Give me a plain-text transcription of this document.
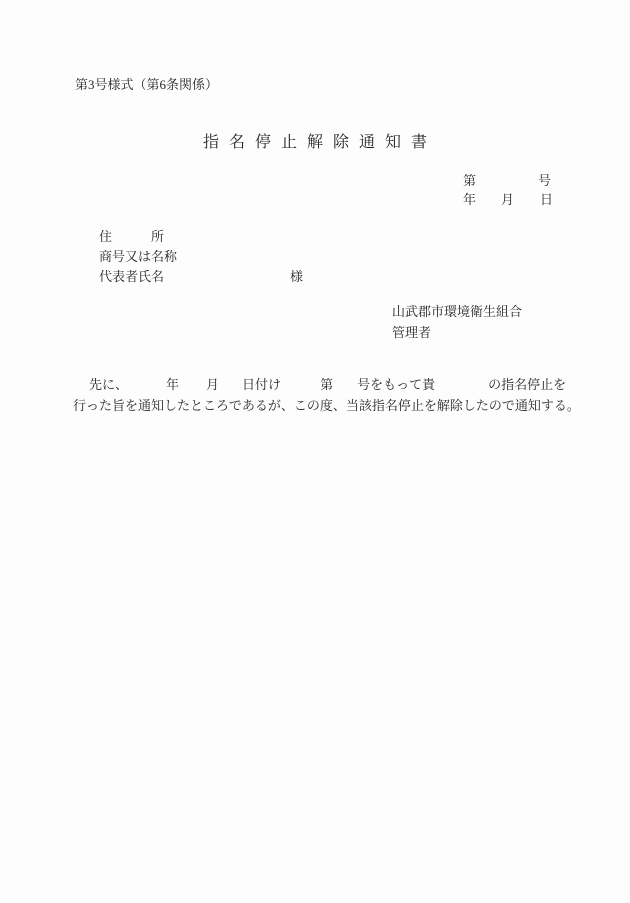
第3号様式（第6条関係）
指名停止解除通知書
第	号
年 月 日
住	所
商号又は名称
代表者氏名	様
山武郡市環境衛生組合
管理者
先に、	年 月 日付け	第 号をもって貴	の指名停止を
行った旨を通知したところであるが、この度、当該指名停止を解除したので通知する。
